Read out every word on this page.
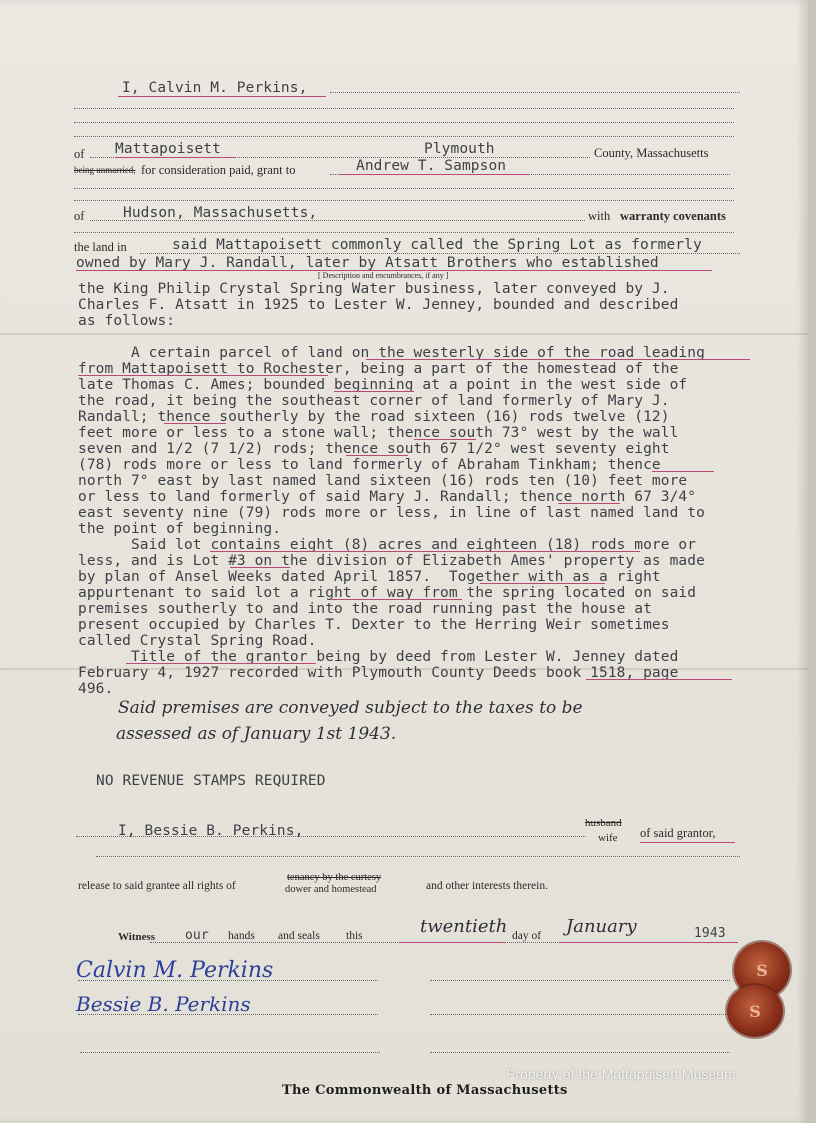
I, Calvin M. Perkins,
of Mattapoisett	Plymouth	County, Massachusetts
being unmarried, for consideration paid, grant to	Andrew T. Sampson
of	Hudson, Massachusetts,	with warranty covenants
the land in	said Mattapoisett commonly called the Spring Lot as formerly
owned by Mary J. Randall, later by Atsatt Brothers who established
[ Description and encumbrances, if any ]
the King Philip Crystal Spring Water business, later conveyed by J.
Charles F. Atsatt in 1925 to Lester W. Jenney, bounded and described
as follows:
A certain parcel of land on the westerly side of the road leading
from Mattapoisett to Rochester, being a part of the homestead of the
late Thomas C. Ames; bounded beginning at a point in the west side of
the road, it being the southeast corner of land formerly of Mary J.
Randall; thence southerly by the road sixteen (16) rods twelve (12)
feet more or less to a stone wall; thence south 73° west by the wall
seven and 1/2 (7 1/2) rods; thence south 67 1/2° west seventy eight
(78) rods more or less to land formerly of Abraham Tinkham; thence
north 7° east by last named land sixteen (16) rods ten (10) feet more
or less to land formerly of said Mary J. Randall; thence north 67 3/4°
east seventy nine (79) rods more or less, in line of last named land to
the point of beginning.
Said lot contains eight (8) acres and eighteen (18) rods more or
less, and is Lot #3 on the division of Elizabeth Ames' property as made
by plan of Ansel Weeks dated April 1857.  Together with as a right
appurtenant to said lot a right of way from the spring located on said
premises southerly to and into the road running past the house at
present occupied by Charles T. Dexter to the Herring Weir sometimes
called Crystal Spring Road.
Title of the grantor being by deed from Lester W. Jenney dated
February 4, 1927 recorded with Plymouth County Deeds book 1518, page
496.
Said premises are conveyed subject to the taxes to be
assessed as of January 1st 1943.
NO REVENUE STAMPS REQUIRED
I, Bessie B. Perkins,	husband
wife of said grantor,
release to said grantee all rights of
tenancy by the curtesy
dower and homestead	and other interests therein.
Witness our hands and seals this	twentieth day of January	1943
Calvin M. Perkins
Bessie B. Perkins
S
S
Property of the Mattapoisett Museum
The Commonwealth of Massachusetts
